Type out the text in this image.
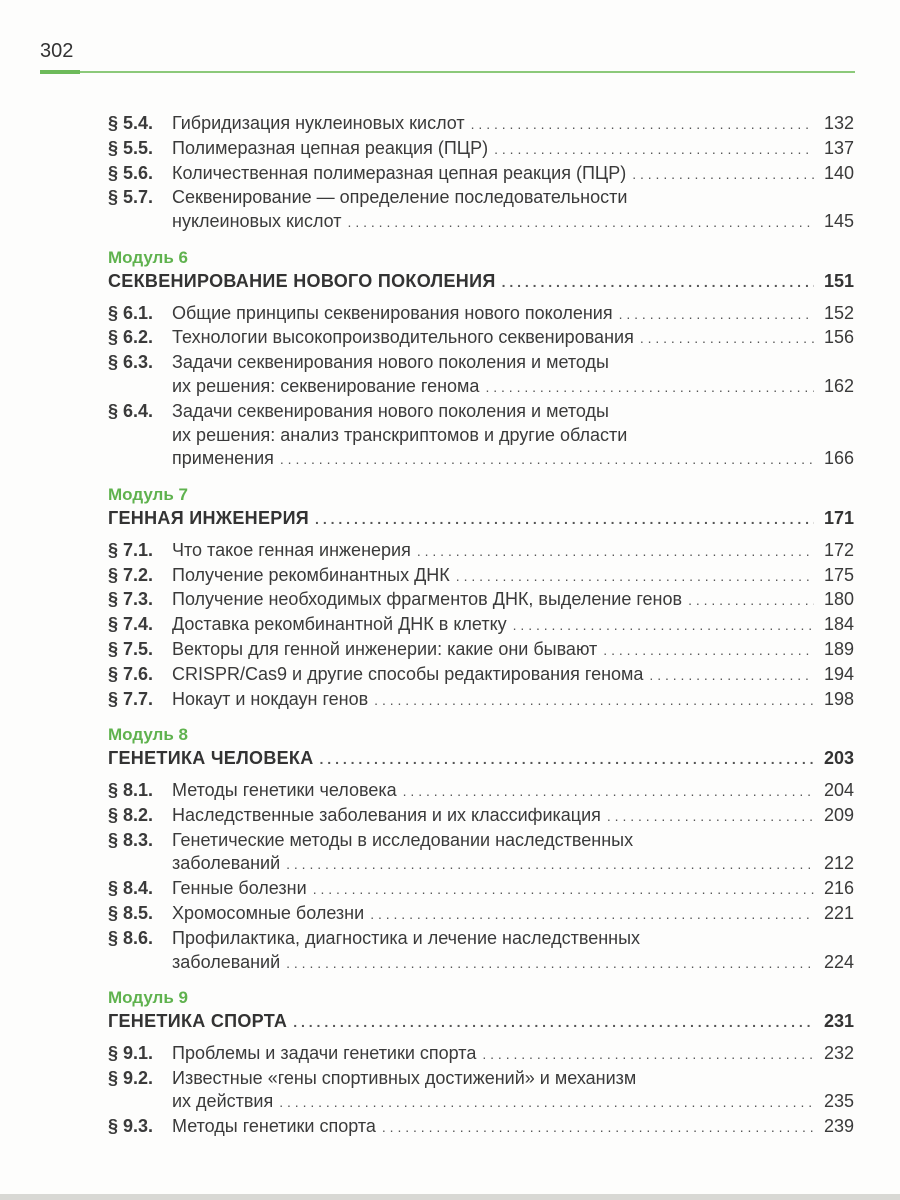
302
§ 5.4.	Гибридизация нуклеиновых кислот . . .	132
§ 5.5.	Полимеразная цепная реакция (ПЦР) . . .	137
§ 5.6.	Количественная полимеразная цепная реакция (ПЦР) . . .	140
§ 5.7.	Секвенирование — определение последовательности
нуклеиновых кислот . . .	145
Модуль 6
СЕКВЕНИРОВАНИЕ НОВОГО ПОКОЛЕНИЯ . . .	151
§ 6.1.	Общие принципы секвенирования нового поколения . . .	152
§ 6.2.	Технологии высокопроизводительного секвенирования . . .	156
§ 6.3.	Задачи секвенирования нового поколения и методы
их решения: секвенирование генома . . .	162
§ 6.4.	Задачи секвенирования нового поколения и методы
их решения: анализ транскриптомов и другие области
применения . . .	166
Модуль 7
ГЕННАЯ ИНЖЕНЕРИЯ . . .	171
§ 7.1.	Что такое генная инженерия . . .	172
§ 7.2.	Получение рекомбинантных ДНК . . .	175
§ 7.3.	Получение необходимых фрагментов ДНК, выделение генов . . .	180
§ 7.4.	Доставка рекомбинантной ДНК в клетку . . .	184
§ 7.5.	Векторы для генной инженерии: какие они бывают . . .	189
§ 7.6.	CRISPR/Cas9 и другие способы редактирования генома . . .	194
§ 7.7.	Нокаут и нокдаун генов . . .	198
Модуль 8
ГЕНЕТИКА ЧЕЛОВЕКА . . .	203
§ 8.1.	Методы генетики человека . . .	204
§ 8.2.	Наследственные заболевания и их классификация . . .	209
§ 8.3.	Генетические методы в исследовании наследственных
заболеваний . . .	212
§ 8.4.	Генные болезни . . .	216
§ 8.5.	Хромосомные болезни . . .	221
§ 8.6.	Профилактика, диагностика и лечение наследственных
заболеваний . . .	224
Модуль 9
ГЕНЕТИКА СПОРТА . . .	231
§ 9.1.	Проблемы и задачи генетики спорта . . .	232
§ 9.2.	Известные «гены спортивных достижений» и механизм
их действия . . .	235
§ 9.3.	Методы генетики спорта . . .	239
